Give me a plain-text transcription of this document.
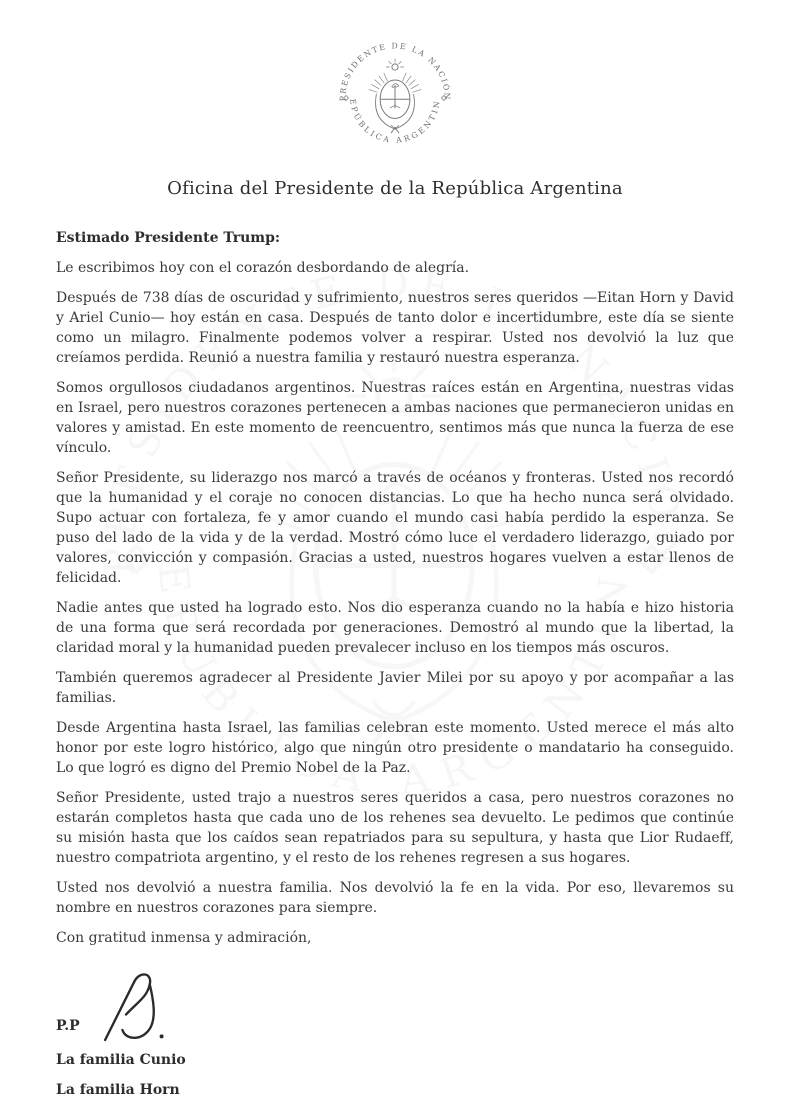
Oficina del Presidente de la República Argentina

Estimado Presidente Trump:

Le escribimos hoy con el corazón desbordando de alegría.

Después de 738 días de oscuridad y sufrimiento, nuestros seres queridos —Eitan Horn y David y Ariel Cunio— hoy están en casa. Después de tanto dolor e incertidumbre, este día se siente como un milagro. Finalmente podemos volver a respirar. Usted nos devolvió la luz que creíamos perdida. Reunió a nuestra familia y restauró nuestra esperanza.

Somos orgullosos ciudadanos argentinos. Nuestras raíces están en Argentina, nuestras vidas en Israel, pero nuestros corazones pertenecen a ambas naciones que permanecieron unidas en valores y amistad. En este momento de reencuentro, sentimos más que nunca la fuerza de ese vínculo.

Señor Presidente, su liderazgo nos marcó a través de océanos y fronteras. Usted nos recordó que la humanidad y el coraje no conocen distancias. Lo que ha hecho nunca será olvidado. Supo actuar con fortaleza, fe y amor cuando el mundo casi había perdido la esperanza. Se puso del lado de la vida y de la verdad. Mostró cómo luce el verdadero liderazgo, guiado por valores, convicción y compasión. Gracias a usted, nuestros hogares vuelven a estar llenos de felicidad.

Nadie antes que usted ha logrado esto. Nos dio esperanza cuando no la había e hizo historia de una forma que será recordada por generaciones. Demostró al mundo que la libertad, la claridad moral y la humanidad pueden prevalecer incluso en los tiempos más oscuros.

También queremos agradecer al Presidente Javier Milei por su apoyo y por acompañar a las familias.

Desde Argentina hasta Israel, las familias celebran este momento. Usted merece el más alto honor por este logro histórico, algo que ningún otro presidente o mandatario ha conseguido. Lo que logró es digno del Premio Nobel de la Paz.

Señor Presidente, usted trajo a nuestros seres queridos a casa, pero nuestros corazones no estarán completos hasta que cada uno de los rehenes sea devuelto. Le pedimos que continúe su misión hasta que los caídos sean repatriados para su sepultura, y hasta que Lior Rudaeff, nuestro compatriota argentino, y el resto de los rehenes regresen a sus hogares.

Usted nos devolvió a nuestra familia. Nos devolvió la fe en la vida. Por eso, llevaremos su nombre en nuestros corazones para siempre.

Con gratitud inmensa y admiración,

P.P

La familia Cunio

La familia Horn
